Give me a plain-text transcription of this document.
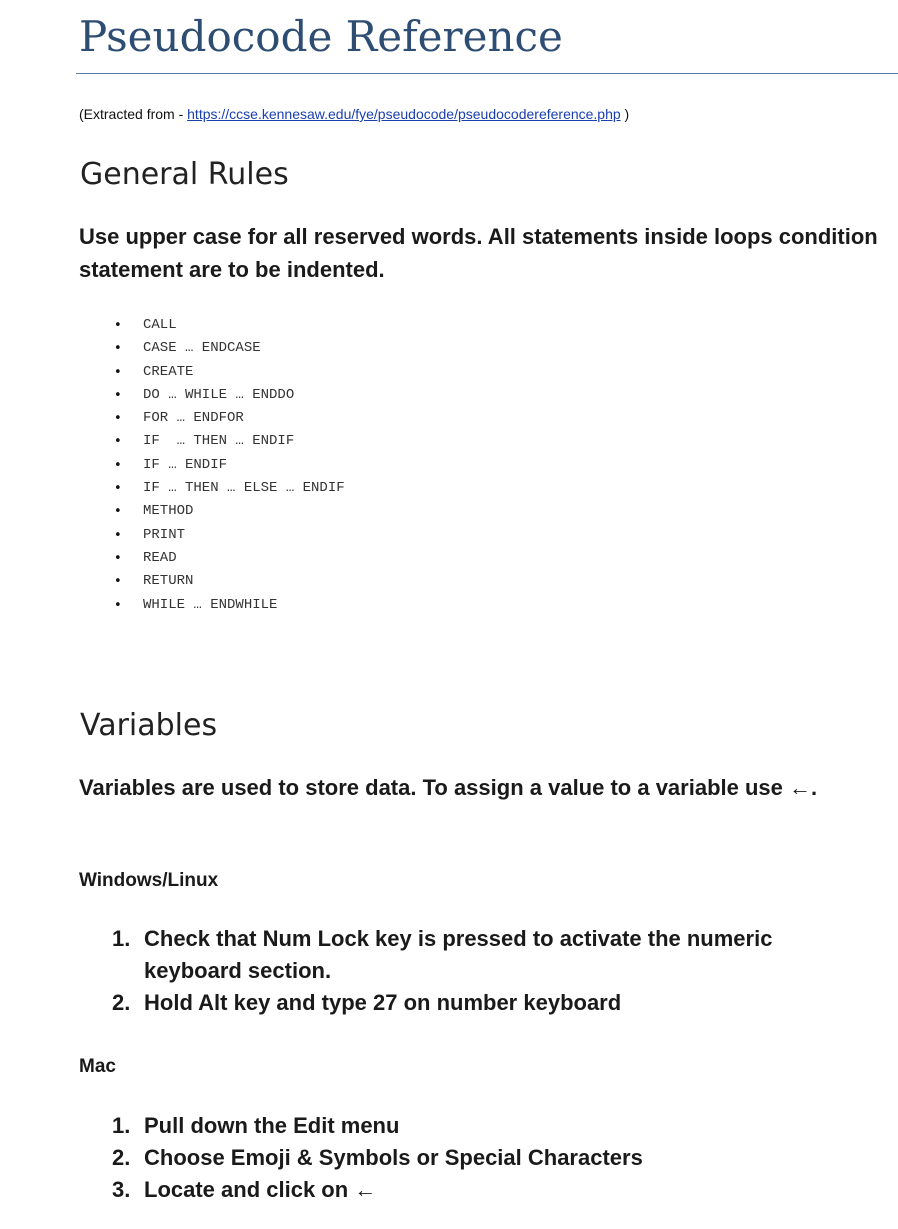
Pseudocode Reference
(Extracted from - https://ccse.kennesaw.edu/fye/pseudocode/pseudocodereference.php )
General Rules

Use upper case for all reserved words. All statements inside loops condition statement are to be indented.

• CALL
• CASE … ENDCASE
• CREATE
• DO … WHILE … ENDDO
• FOR … ENDFOR
• IF  … THEN … ENDIF
• IF … ENDIF
• IF … THEN … ELSE … ENDIF
• METHOD
• PRINT
• READ
• RETURN
• WHILE … ENDWHILE
Variables

Variables are used to store data. To assign a value to a variable use ←.

Windows/Linux
1. Check that Num Lock key is pressed to activate the numeric keyboard section.
2. Hold Alt key and type 27 on number keyboard
Mac
1. Pull down the Edit menu
2. Choose Emoji & Symbols or Special Characters
3. Locate and click on ←
